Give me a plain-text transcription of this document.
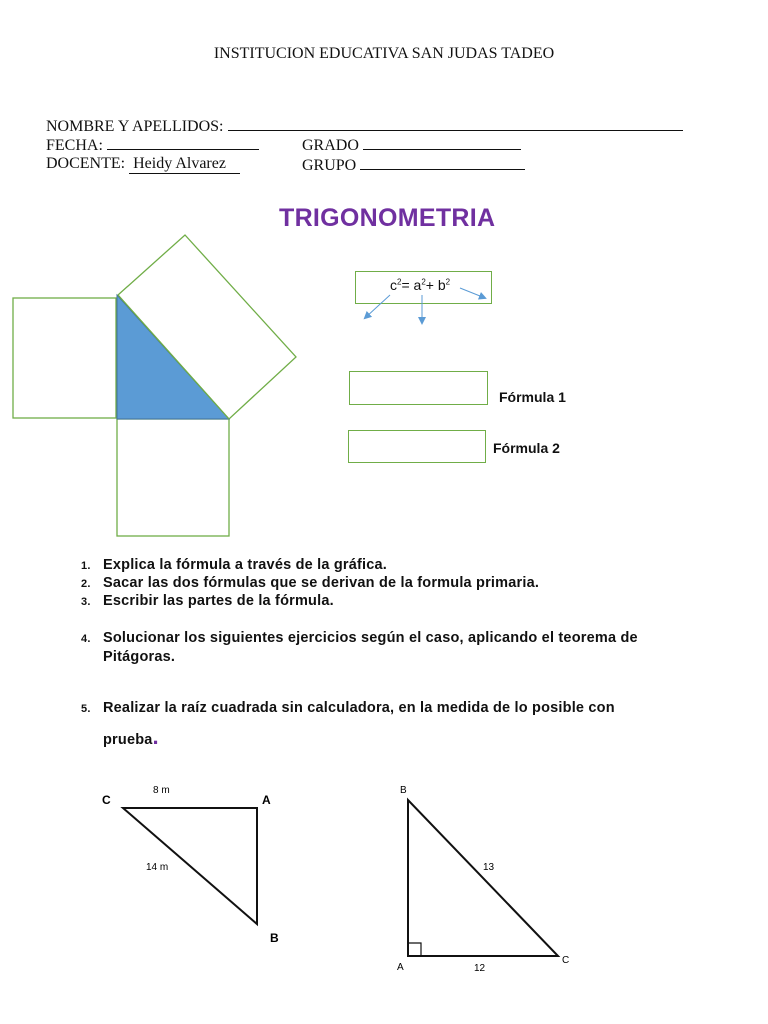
INSTITUCION EDUCATIVA SAN JUDAS TADEO
NOMBRE Y APELLIDOS:
FECHA:	GRADO
DOCENTE: Heidy Alvarez	GRUPO
TRIGONOMETRIA
$c^2= a^2+ b^2$
Fórmula 1
Fórmula 2
1. Explica la fórmula a través de la gráfica.
2. Sacar las dos fórmulas que se derivan de la formula primaria.
3. Escribir las partes de la fórmula.
4. Solucionar los siguientes ejercicios según el caso, aplicando el teorema de
Pitágoras.
5. Realizar la raíz cuadrada sin calculadora, en la medida de lo posible con
prueba.
C	A
B
8 m
14 m
B
A
C
13
12
